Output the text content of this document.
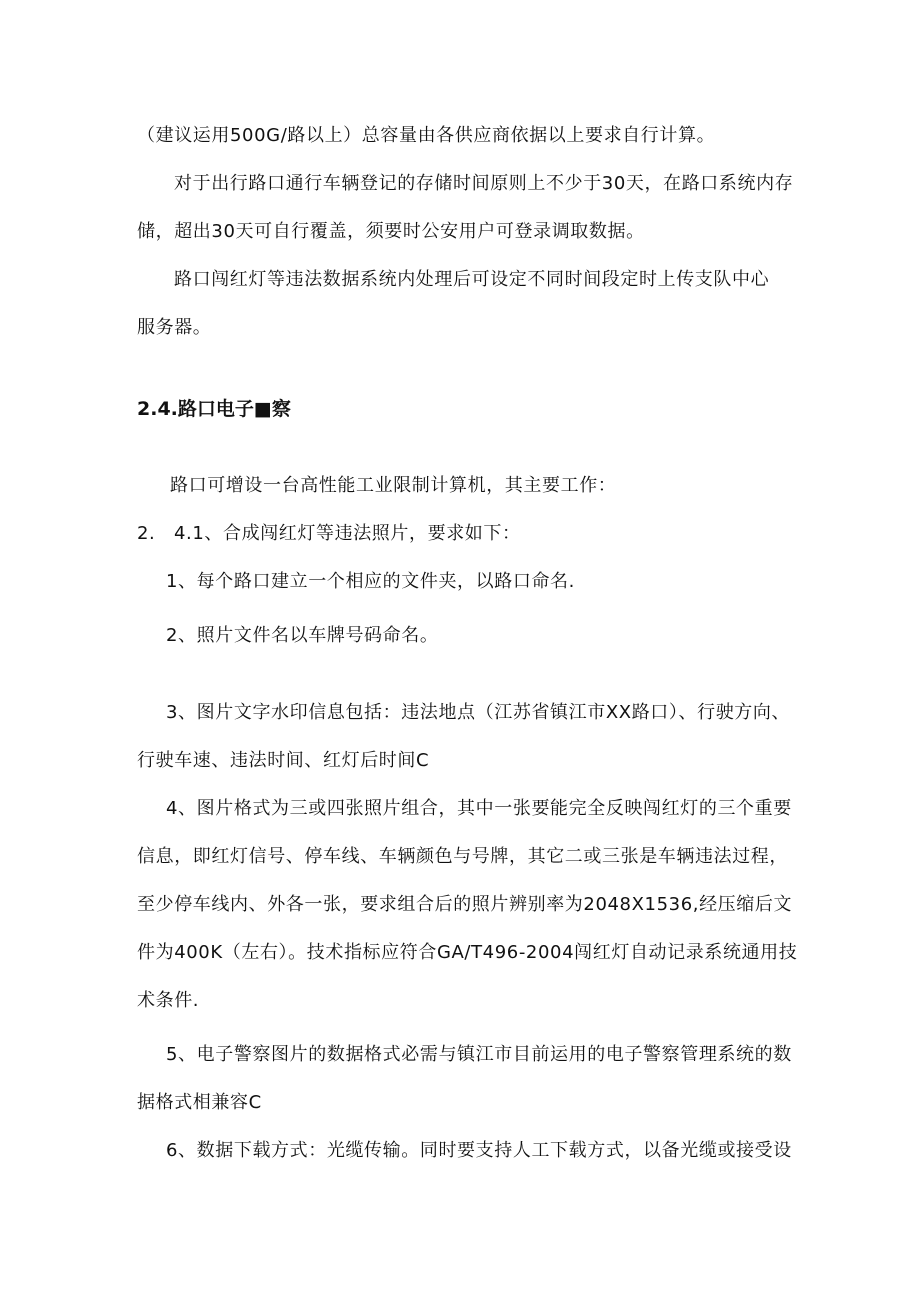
（建议运用500G/路以上）总容量由各供应商依据以上要求自行计算。
对于出行路口通行车辆登记的存储时间原则上不少于30天，在路口系统内存
储，超出30天可自行覆盖，须要时公安用户可登录调取数据。
路口闯红灯等违法数据系统内处理后可设定不同时间段定时上传支队中心
服务器。
2.4.路口电子■察
路口可增设一台高性能工业限制计算机，其主要工作：
2.　4.1、合成闯红灯等违法照片，要求如下：
1、每个路口建立一个相应的文件夹，以路口命名.
2、照片文件名以车牌号码命名。
3、图片文字水印信息包括：违法地点（江苏省镇江市XX路口）、行驶方向、
行驶车速、违法时间、红灯后时间C
4、图片格式为三或四张照片组合，其中一张要能完全反映闯红灯的三个重要
信息，即红灯信号、停车线、车辆颜色与号牌，其它二或三张是车辆违法过程，
至少停车线内、外各一张，要求组合后的照片辨别率为2048X1536,经压缩后文
件为400K（左右）。技术指标应符合GA/T496-2004闯红灯自动记录系统通用技
术条件.
5、电子警察图片的数据格式必需与镇江市目前运用的电子警察管理系统的数
据格式相兼容C
6、数据下载方式：光缆传输。同时要支持人工下载方式，以备光缆或接受设
